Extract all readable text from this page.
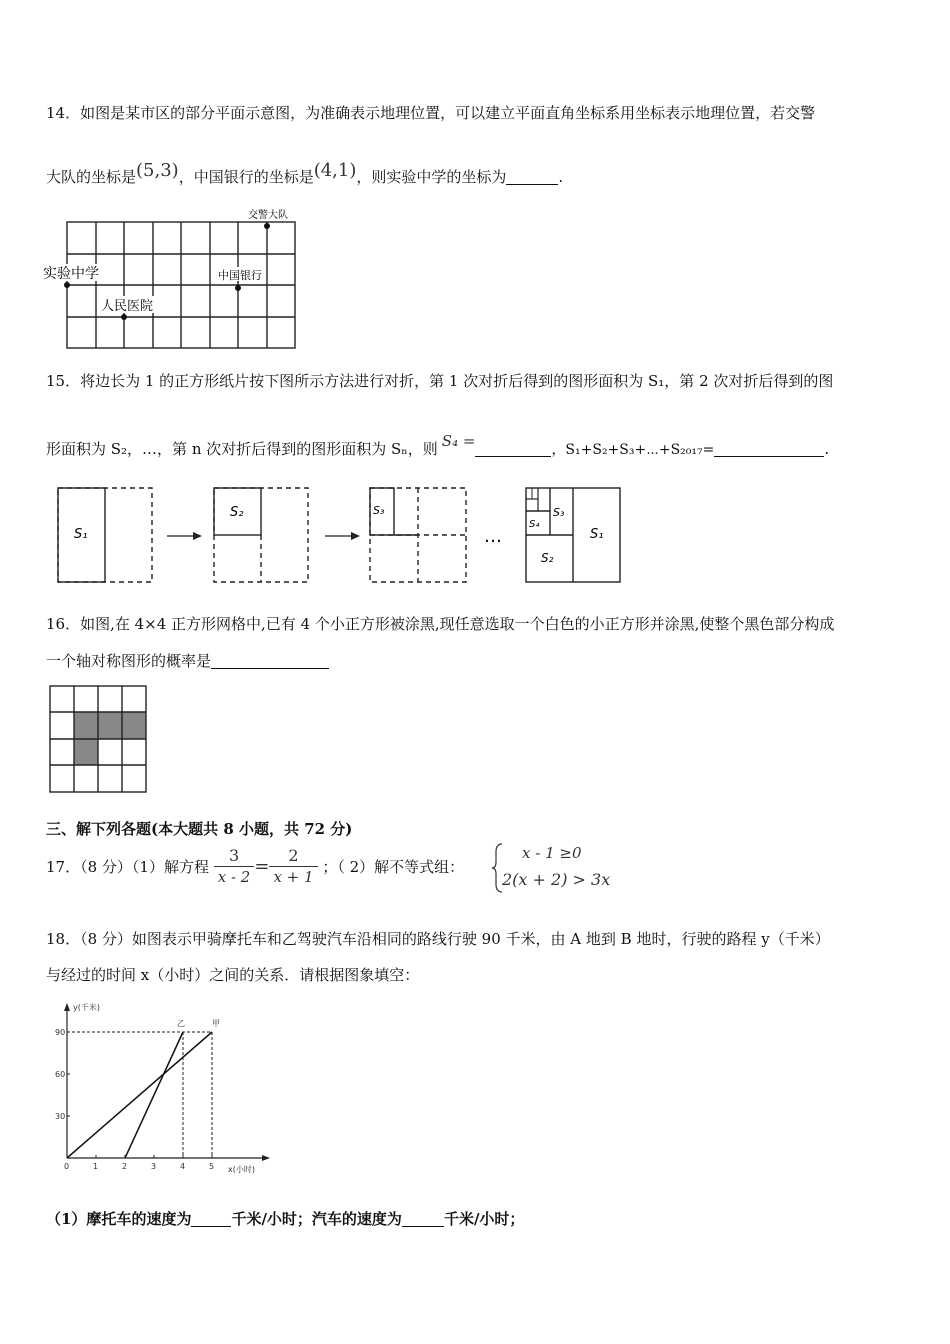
14．如图是某市区的部分平面示意图，为准确表示地理位置，可以建立平面直角坐标系用坐标表示地理位置，若交警
大队的坐标是(5,3)，中国银行的坐标是(4,1)，则实验中学的坐标为	.
交警大队
实验中学	中国银行
人民医院
15．将边长为 1 的正方形纸片按下图所示方法进行对折，第 1 次对折后得到的图形面积为 S₁，第 2 次对折后得到的图
形面积为 S₂，…，第 n 次对折后得到的图形面积为 Sₙ，则 S₄ =	，S₁+S₂+S₃+⋯+S₂₀₁₇=	.
S₁
S₂	S₃
…
S₄
S₃
S₂
S₁
16．如图,在 4×4 正方形网格中,已有 4 个小正方形被涂黑,现任意选取一个白色的小正方形并涂黑,使整个黑色部分构成
一个轴对称图形的概率是
三、解下列各题(本大题共 8 小题，共 72 分)
17．（8 分）（1）解方程 $\frac{3}{x - 2} = \frac{2}{x + 1}$ ；（ 2）解不等式组：
x - 1 ≥0
2(x + 2) > 3x
18．（8 分）如图表示甲骑摩托车和乙驾驶汽车沿相同的路线行驶 90 千米，由 A 地到 B 地时，行驶的路程 y（千米）
与经过的时间 x（小时）之间的关系．请根据图象填空：
y(千米)
x(小时)
0	1	2	3	4	5
30
60
90
甲
乙
（1）摩托车的速度为	千米/小时；汽车的速度为	千米/小时；
